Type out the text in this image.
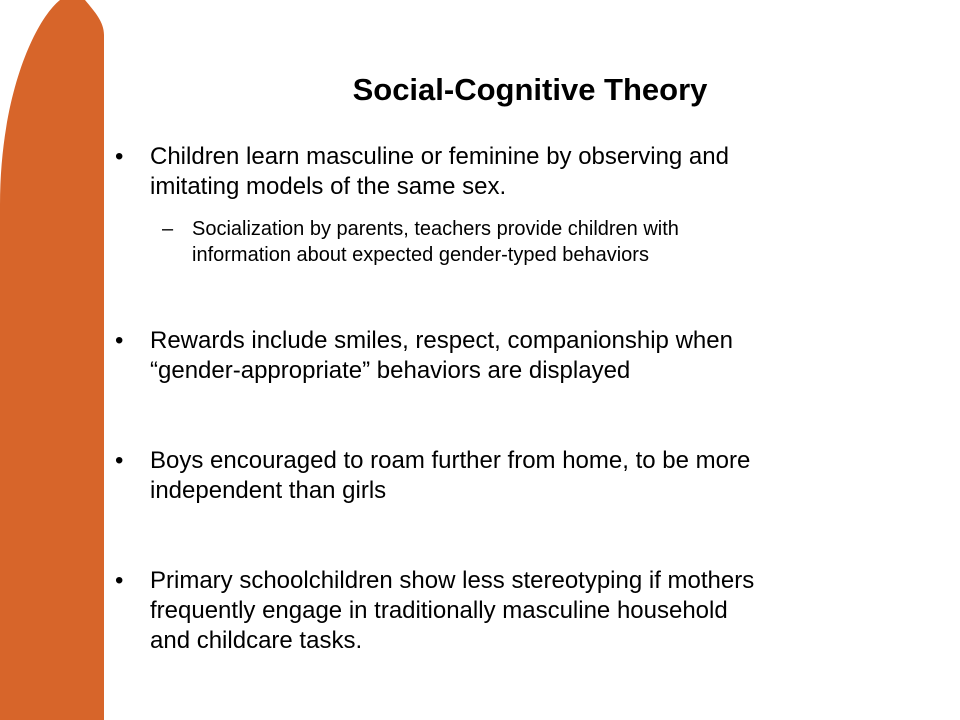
Social-Cognitive Theory
• Children learn masculine or feminine by observing and
imitating models of the same sex.
– Socialization by parents, teachers provide children with
information about expected gender-typed behaviors
• Rewards include smiles, respect, companionship when
“gender-appropriate” behaviors are displayed
• Boys encouraged to roam further from home, to be more
independent than girls
• Primary schoolchildren show less stereotyping if mothers
frequently engage in traditionally masculine household
and childcare tasks.
